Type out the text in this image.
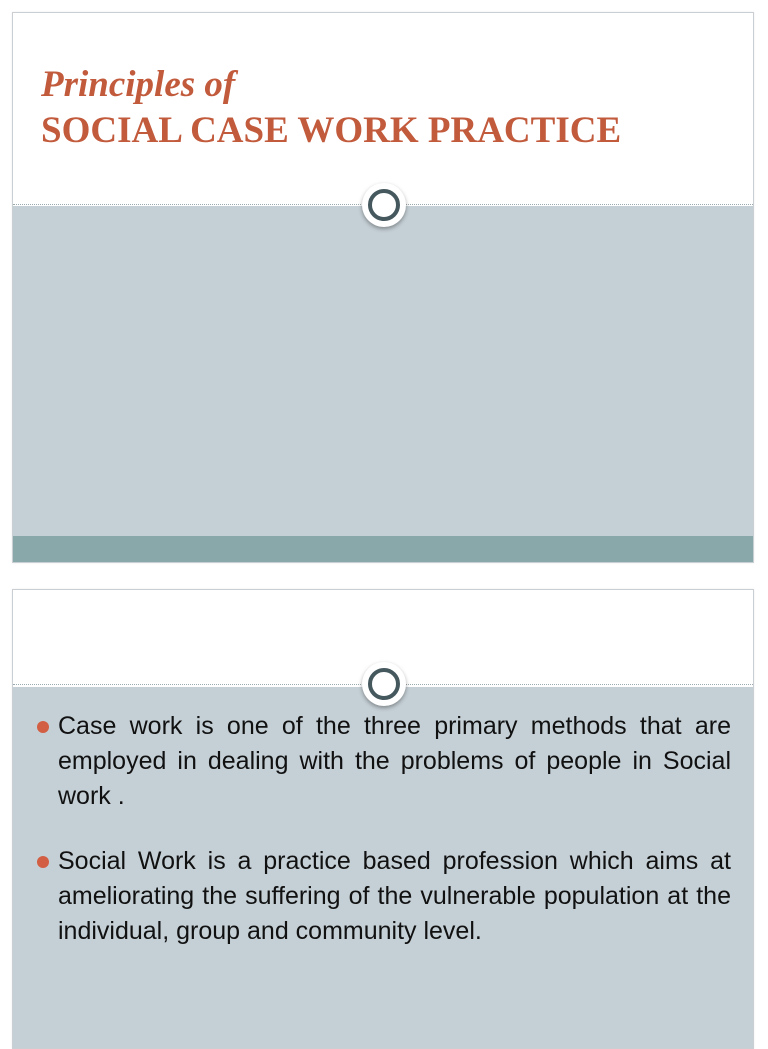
Principles of
SOCIAL CASE WORK PRACTICE
Case work is one of the three primary methods that are employed in dealing with the problems of people in Social work .
Social Work is a practice based profession which aims at ameliorating the suffering of the vulnerable population at the individual, group and community level.
